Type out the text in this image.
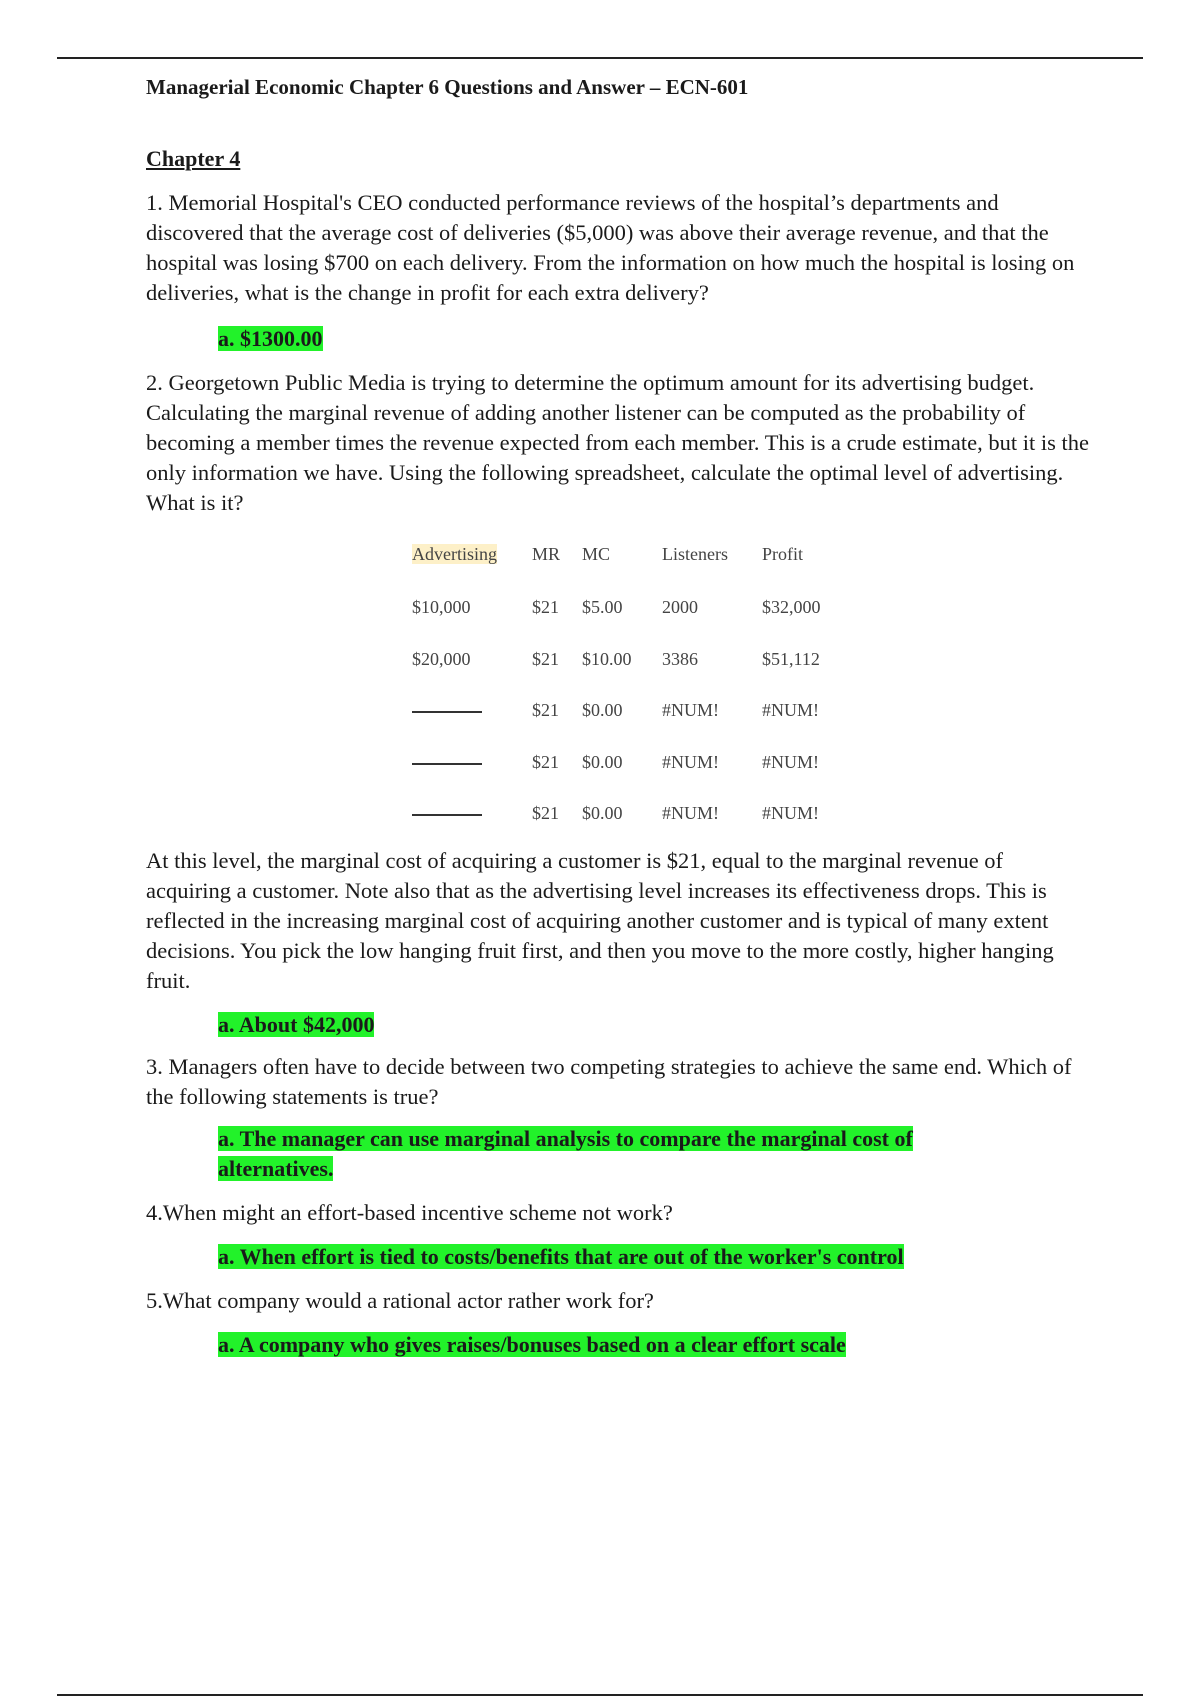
Managerial Economic Chapter 6 Questions and Answer – ECN-601
Chapter 4

1. Memorial Hospital's CEO conducted performance reviews of the hospital’s departments and discovered that the average cost of deliveries ($5,000) was above their average revenue, and that the hospital was losing $700 on each delivery. From the information on how much the hospital is losing on deliveries, what is the change in profit for each extra delivery?

a. $1300.00

2. Georgetown Public Media is trying to determine the optimum amount for its advertising budget. Calculating the marginal revenue of adding another listener can be computed as the probability of becoming a member times the revenue expected from each member. This is a crude estimate, but it is the only information we have. Using the following spreadsheet, calculate the optimal level of advertising. What is it?

Advertising	MR	MC	Listeners	Profit
$10,000	$21	$5.00	2000	$32,000
$20,000	$21	$10.00	3386	$51,112
	$21	$0.00	#NUM!	#NUM!
	$21	$0.00	#NUM!	#NUM!
	$21	$0.00	#NUM!	#NUM!

At this level, the marginal cost of acquiring a customer is $21, equal to the marginal revenue of acquiring a customer. Note also that as the advertising level increases its effectiveness drops. This is reflected in the increasing marginal cost of acquiring another customer and is typical of many extent decisions. You pick the low hanging fruit first, and then you move to the more costly, higher hanging fruit.

a. About $42,000

3. Managers often have to decide between two competing strategies to achieve the same end. Which of the following statements is true?

a. The manager can use marginal analysis to compare the marginal cost of alternatives.

4.When might an effort-based incentive scheme not work?

a. When effort is tied to costs/benefits that are out of the worker's control

5.What company would a rational actor rather work for?

a. A company who gives raises/bonuses based on a clear effort scale
